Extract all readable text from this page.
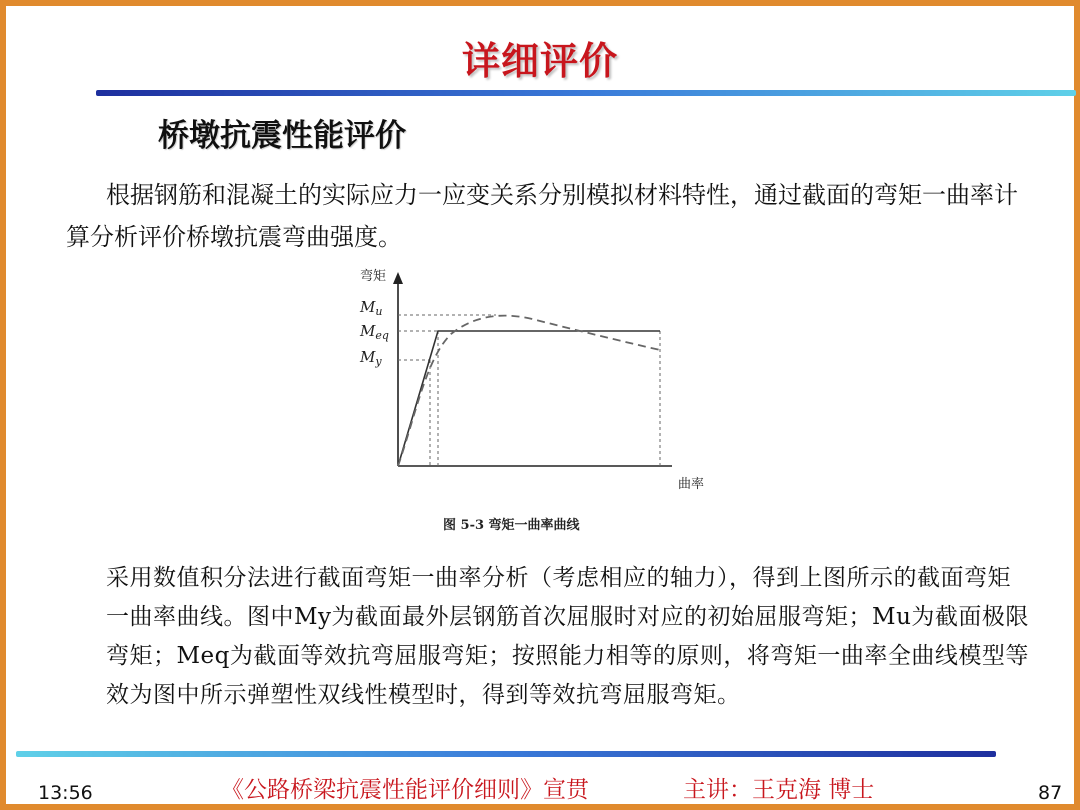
详细评价
桥墩抗震性能评价
根据钢筋和混凝土的实际应力一应变关系分别模拟材料特性，通过截面的弯矩一曲率计算分析评价桥墩抗震弯曲强度。
弯矩
曲率
$M_u$
$M_{eq}$
$M_y$
图 5-3 弯矩一曲率曲线
采用数值积分法进行截面弯矩一曲率分析（考虑相应的轴力），得到上图所示的截面弯矩一曲率曲线。图中My为截面最外层钢筋首次屈服时对应的初始屈服弯矩；Mu为截面极限弯矩；Meq为截面等效抗弯屈服弯矩；按照能力相等的原则，将弯矩一曲率全曲线模型等效为图中所示弹塑性双线性模型时，得到等效抗弯屈服弯矩。
13:56	《公路桥梁抗震性能评价细则》宣贯	主讲：王克海 博士	87
